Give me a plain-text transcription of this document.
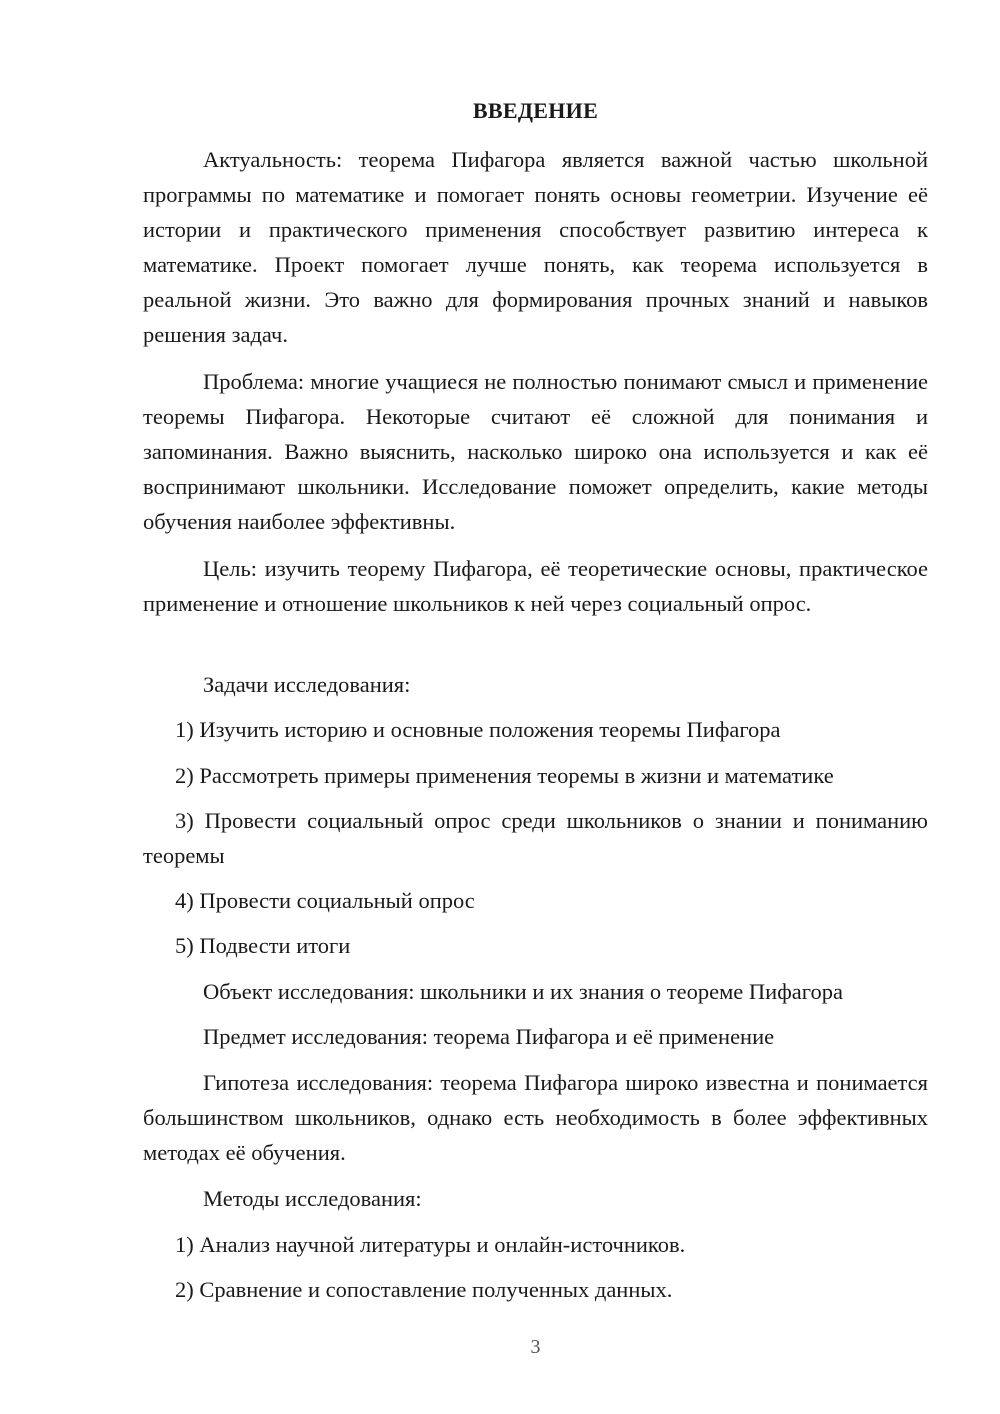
ВВЕДЕНИЕ

Актуальность: теорема Пифагора является важной частью школьной программы по математике и помогает понять основы геометрии. Изучение её истории и практического применения способствует развитию интереса к математике. Проект помогает лучше понять, как теорема используется в реальной жизни. Это важно для формирования прочных знаний и навыков решения задач.

Проблема: многие учащиеся не полностью понимают смысл и применение теоремы Пифагора. Некоторые считают её сложной для понимания и запоминания. Важно выяснить, насколько широко она используется и как её воспринимают школьники. Исследование поможет определить, какие методы обучения наиболее эффективны.

Цель: изучить теорему Пифагора, её теоретические основы, практическое применение и отношение школьников к ней через социальный опрос.

Задачи исследования:

1) Изучить историю и основные положения теоремы Пифагора

2) Рассмотреть примеры применения теоремы в жизни и математике

3) Провести социальный опрос среди школьников о знании и пониманию теоремы

4) Провести социальный опрос

5) Подвести итоги

Объект исследования: школьники и их знания о теореме Пифагора

Предмет исследования: теорема Пифагора и её применение

Гипотеза исследования: теорема Пифагора широко известна и понимается большинством школьников, однако есть необходимость в более эффективных методах её обучения.

Методы исследования:

1) Анализ научной литературы и онлайн-источников.

2) Сравнение и сопоставление полученных данных.

3
